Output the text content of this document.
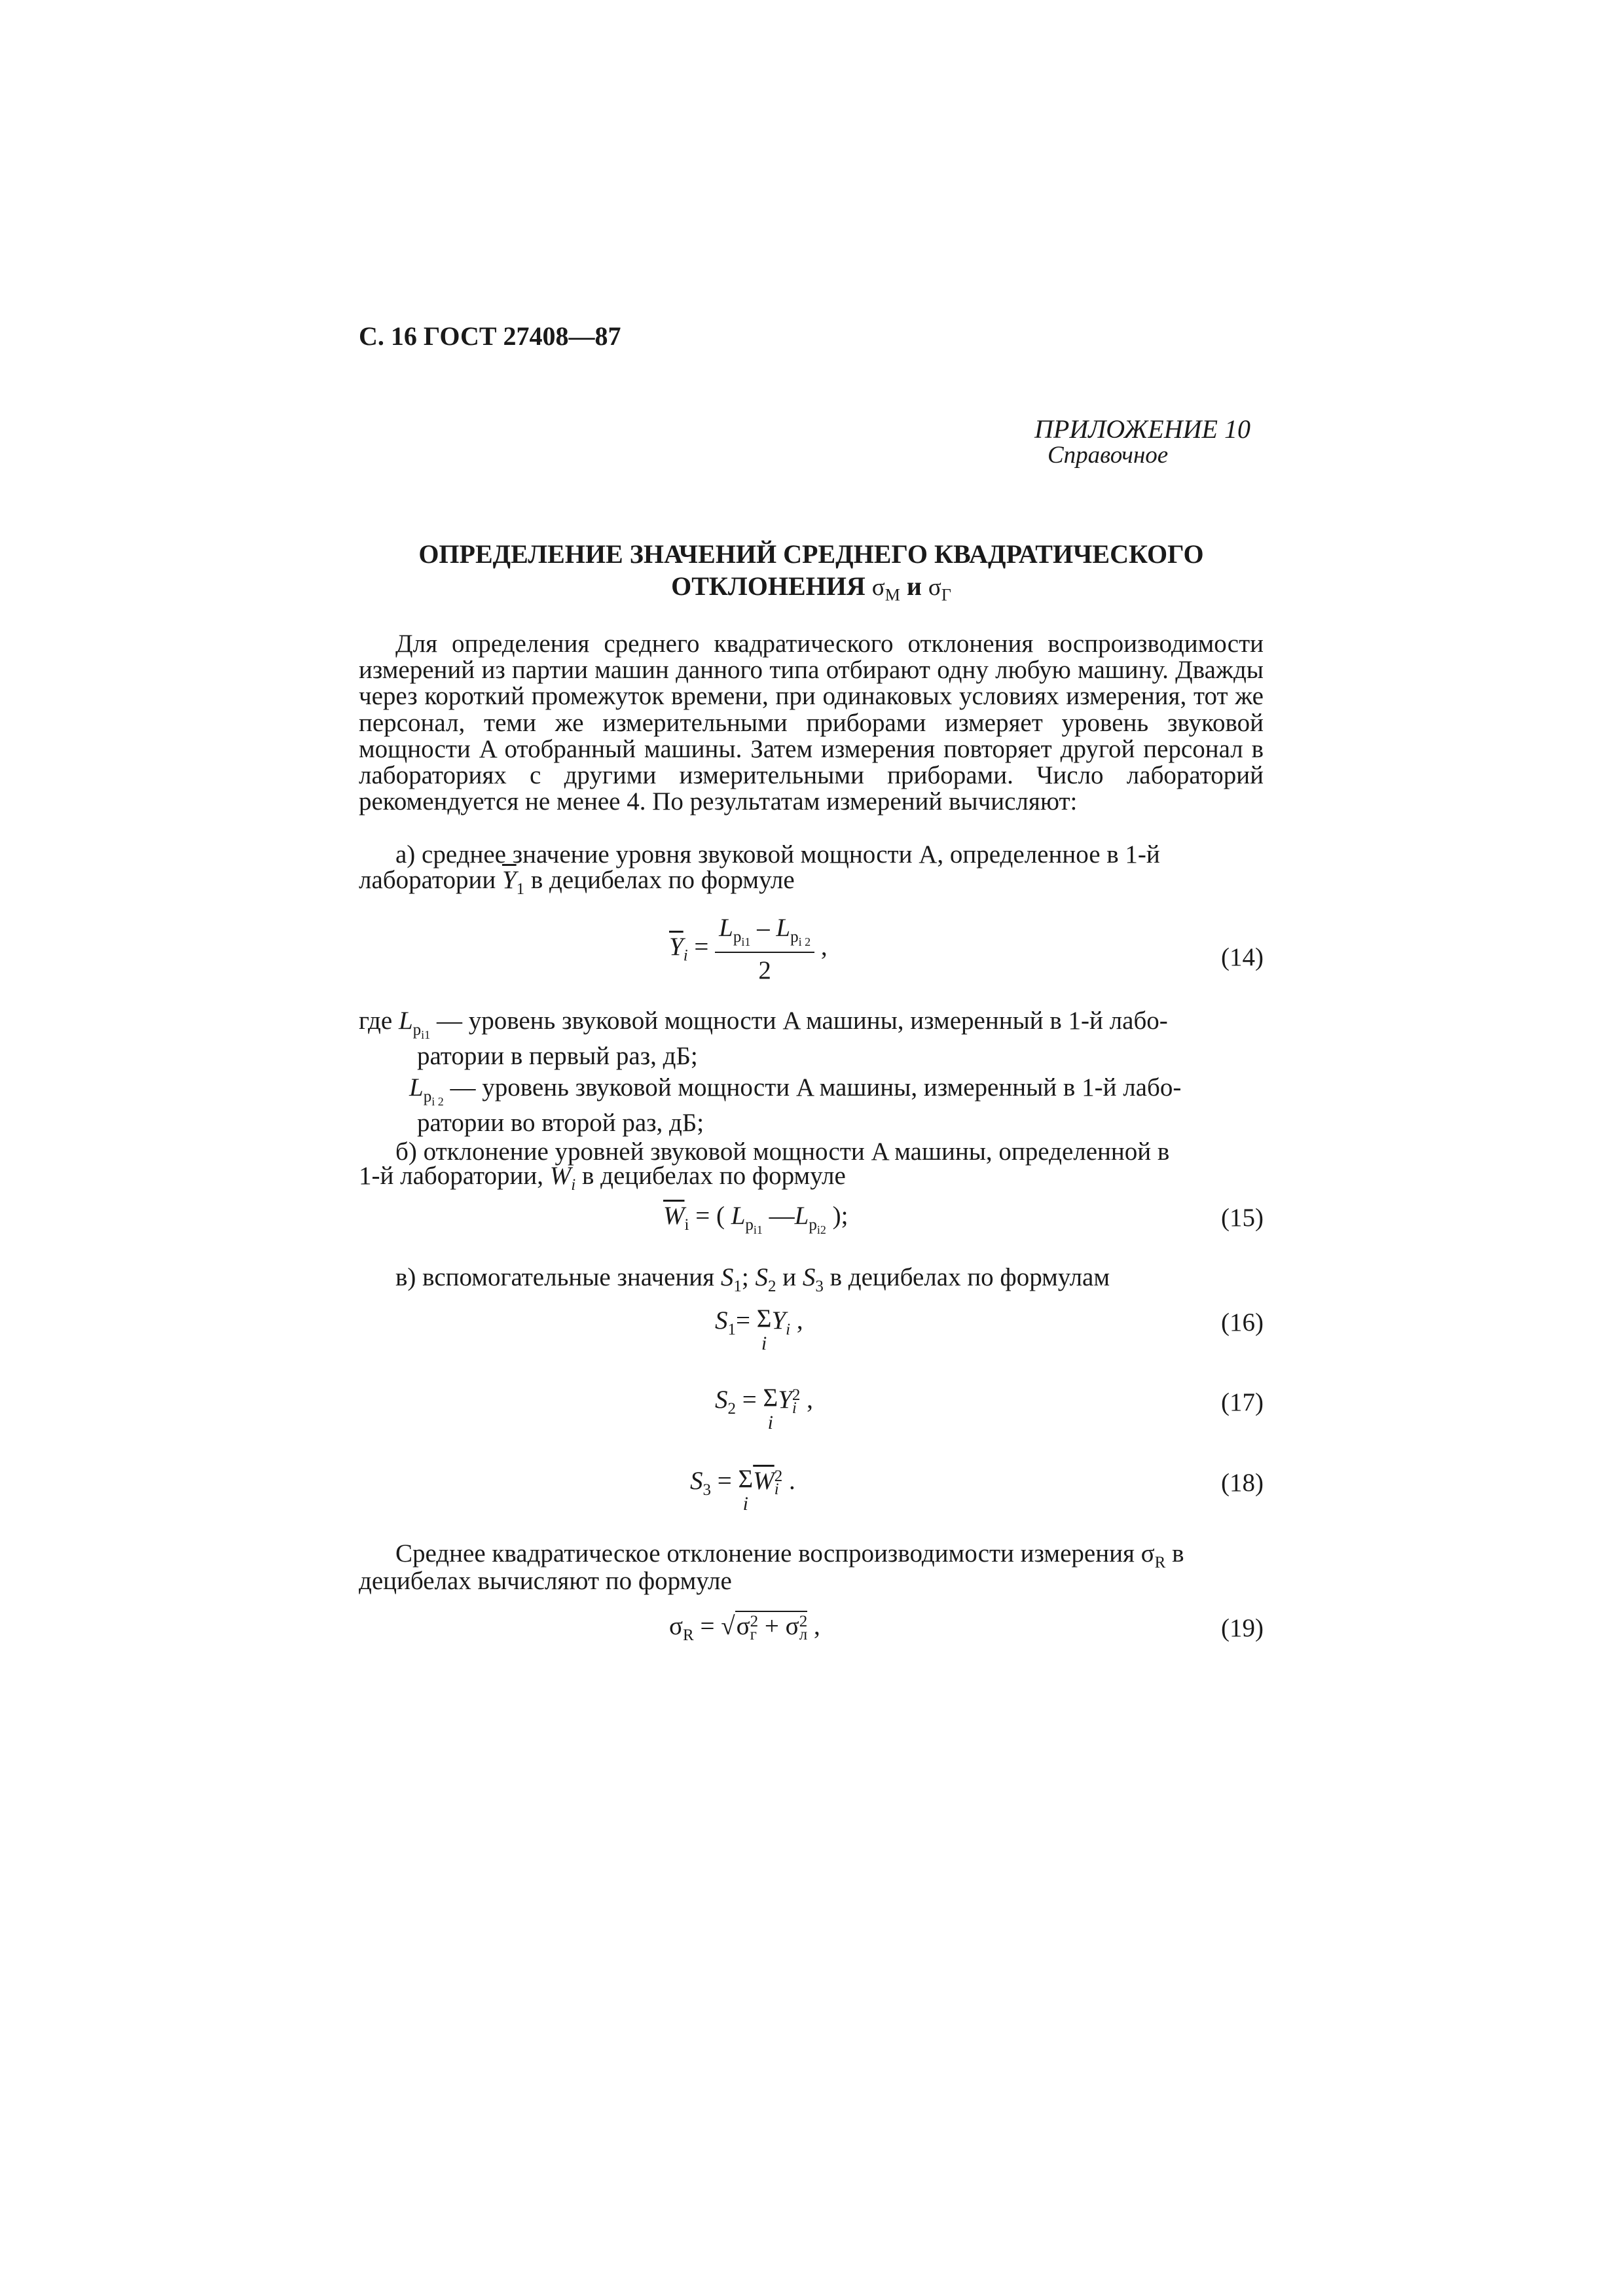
С. 16 ГОСТ 27408—87
ПРИЛОЖЕНИЕ 10
Справочное
ОПРЕДЕЛЕНИЕ ЗНАЧЕНИЙ СРЕДНЕГО КВАДРАТИЧЕСКОГО
ОТКЛОНЕНИЯ $\sigma_М$ и $\sigma_Г$
Для определения среднего квадратического отклонения воспроизводимости измерений из партии машин данного типа отбирают одну любую машину. Дважды через короткий промежуток времени, при одинаковых условиях измерения, тот же персонал, теми же измерительными приборами измеряет уровень звуковой мощности A отобранный машины. Затем измерения повторяет другой персонал в лабораториях с другими измерительными приборами. Число лабораторий рекомендуется не менее 4. По результатам измерений вычисляют:
а) среднее значение уровня звуковой мощности A, определенное в 1-й
лаборатории $\overline{Y}_1$ в децибелах по формуле
$\overline{Y}_i = \frac{L_{p_{i1}} - L_{p_{i 2}}}{2}$ ,	(14)
где $L_{p_{i1}}$ — уровень звуковой мощности A машины, измеренный в 1-й лабо-
ратории в первый раз, дБ;
$L_{p_{i 2}}$ — уровень звуковой мощности A машины, измеренный в 1-й лабо-
ратории во второй раз, дБ;
б) отклонение уровней звуковой мощности A машины, определенной в
1-й лаборатории, $W_i$ в децибелах по формуле
$\overline{W}_i$ = ( $L_{p_{i1}}$ $—L_{p_{i2}}$ );	(15)
в) вспомогательные значения $S_1$; $S_2$ и $S_3$ в децибелах по формулам
$S_1= \Sigma$
i
$Y_i$ ,	(16)
$S_2 = \Sigma$
i
Y 2
i ,	(17)
$S_3 = \Sigma$
i
$\overline{W}$ 2
i .	(18)
Среднее квадратическое отклонение воспроизводимости измерения $\sigma_R$ в
децибелах вычисляют по формуле
$\sigma_R = √\sigma$ 2
г + σ 2
л ,	(19)
